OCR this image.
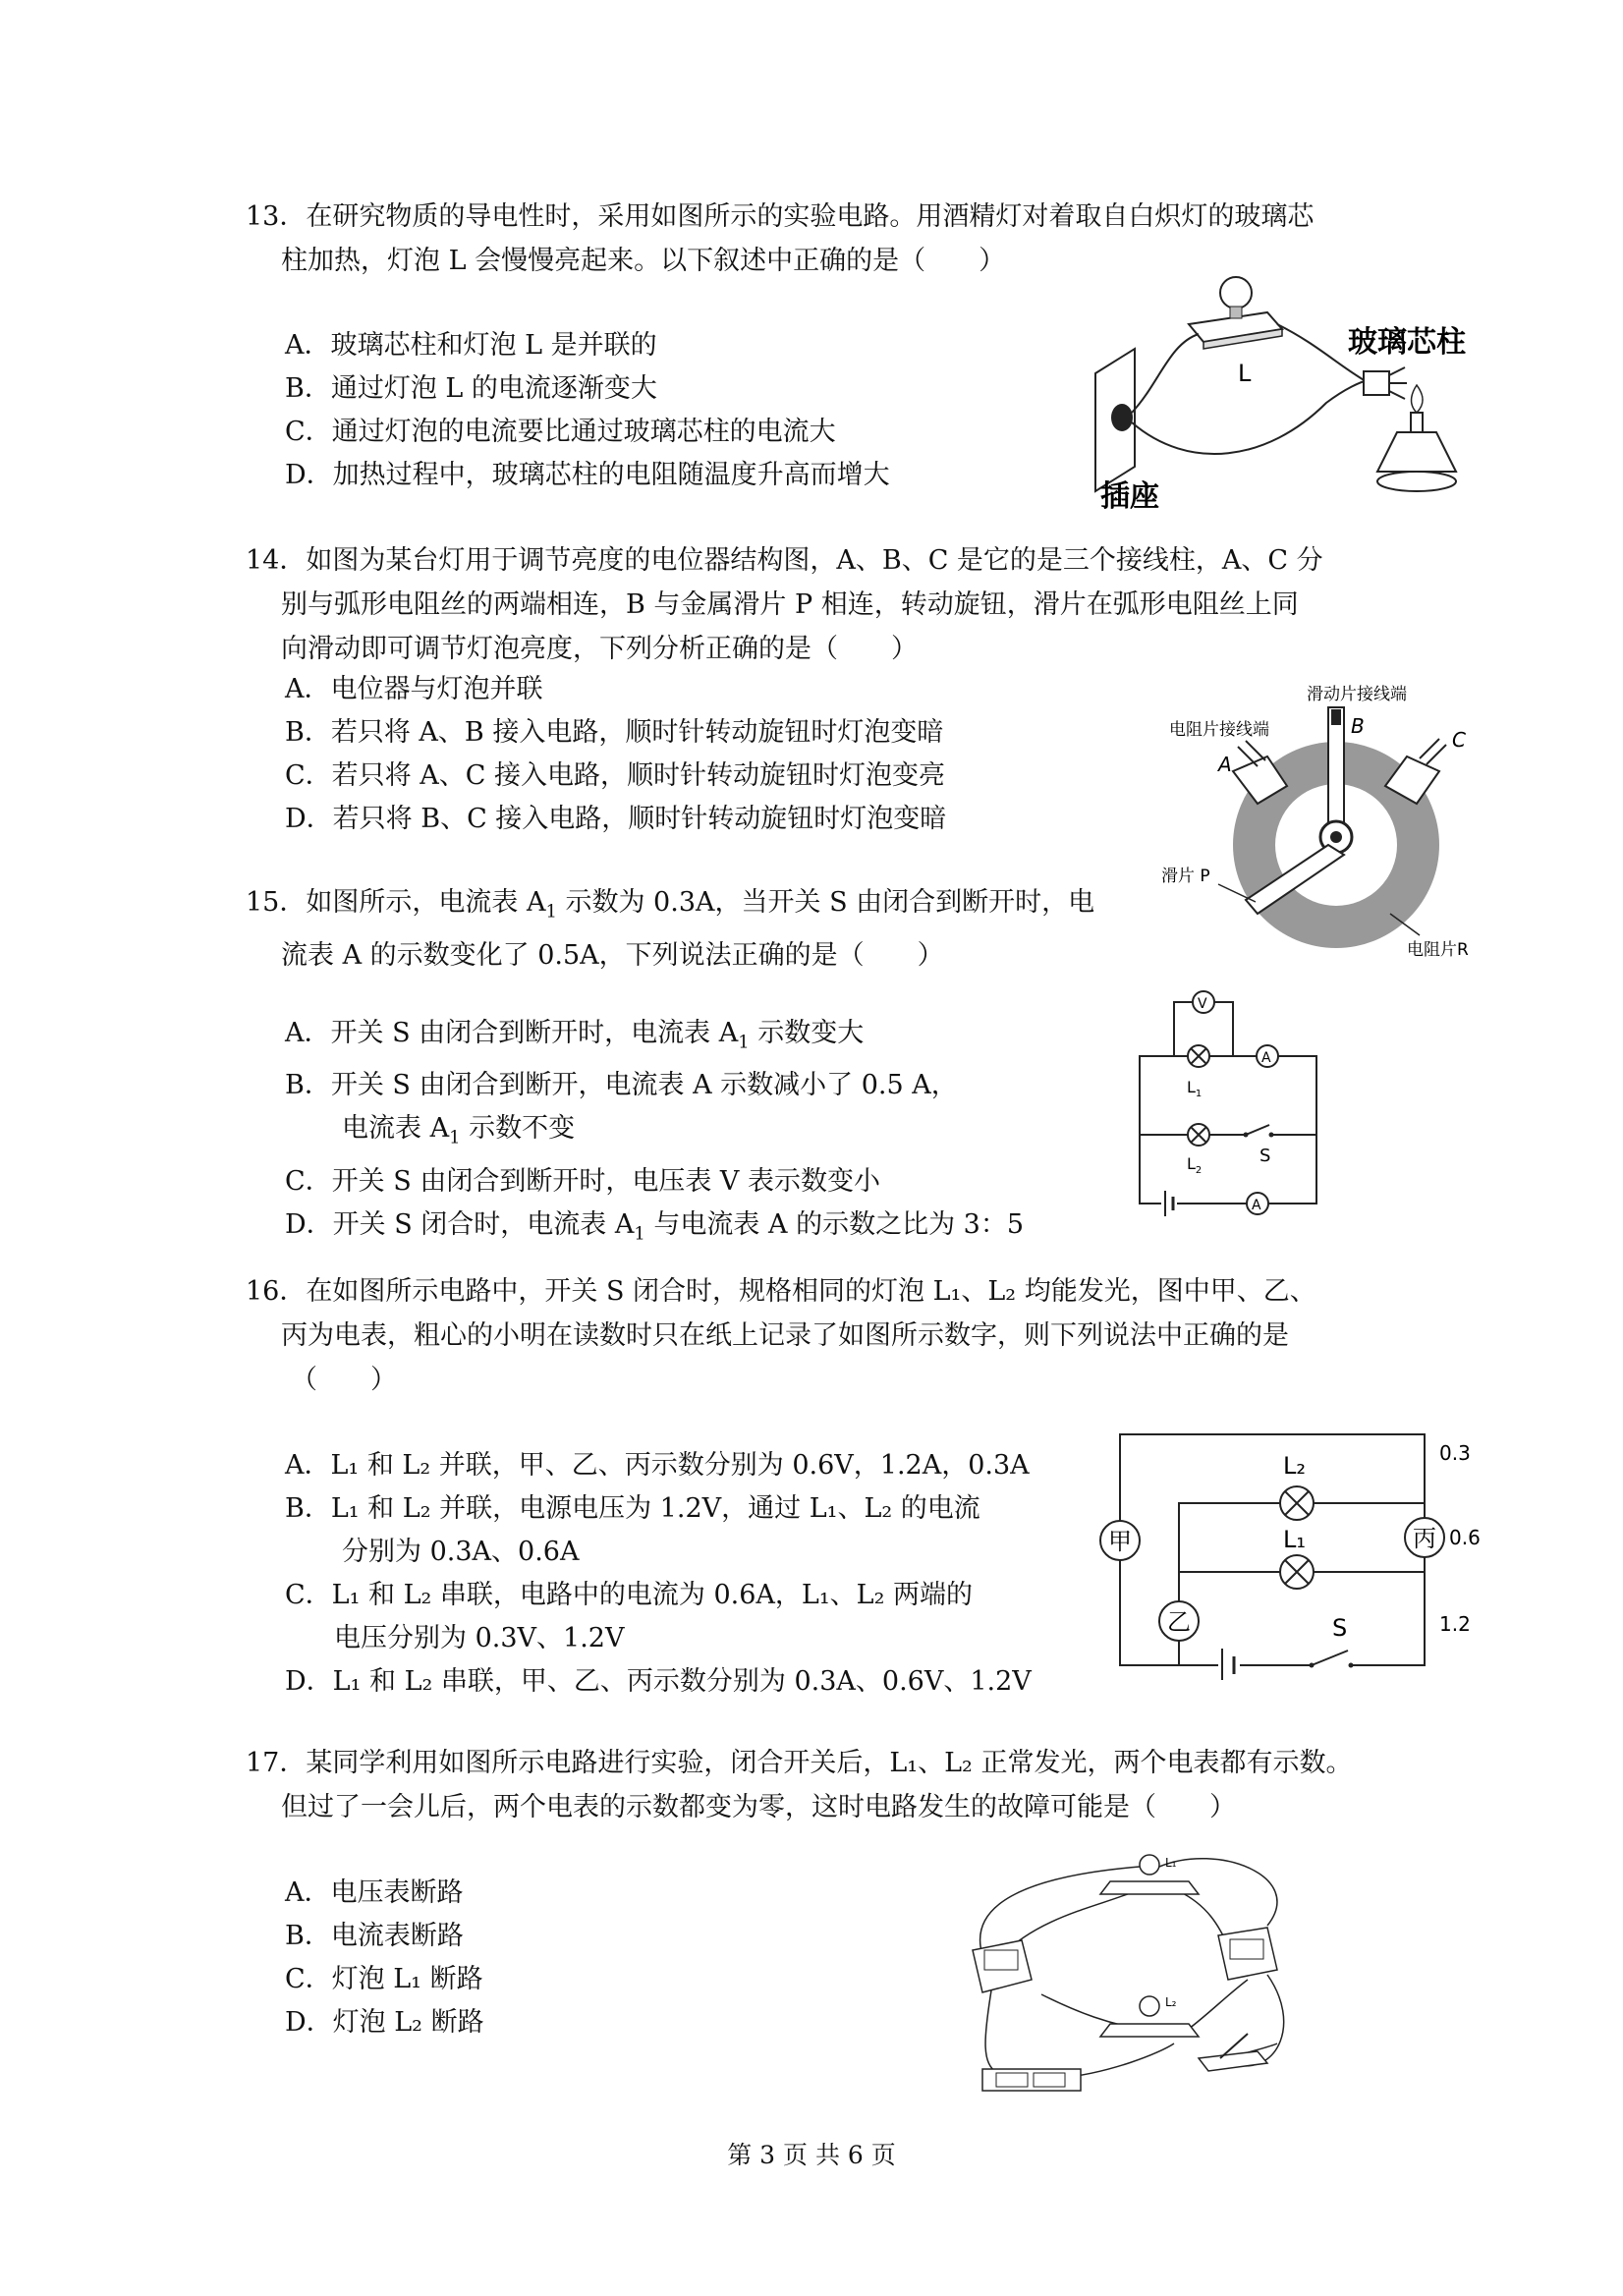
13．在研究物质的导电性时，采用如图所示的实验电路。用酒精灯对着取自白炽灯的玻璃芯
柱加热，灯泡 L 会慢慢亮起来。以下叙述中正确的是（　　）
A．玻璃芯柱和灯泡 L 是并联的
B．通过灯泡 L 的电流逐渐变大
C．通过灯泡的电流要比通过玻璃芯柱的电流大
D．加热过程中，玻璃芯柱的电阻随温度升高而增大
L
玻璃芯柱
插座
14．如图为某台灯用于调节亮度的电位器结构图，A、B、C 是它的是三个接线柱，A、C 分
别与弧形电阻丝的两端相连，B 与金属滑片 P 相连，转动旋钮，滑片在弧形电阻丝上同
向滑动即可调节灯泡亮度，下列分析正确的是（　　）
A．电位器与灯泡并联
B．若只将 A、B 接入电路，顺时针转动旋钮时灯泡变暗
C．若只将 A、C 接入电路，顺时针转动旋钮时灯泡变亮
D．若只将 B、C 接入电路，顺时针转动旋钮时灯泡变暗
滑动片接线端
电阻片接线端
A
B
C
滑片 P
电阻片R
15．如图所示，电流表 $A_1$ 示数为 0.3A，当开关 S 由闭合到断开时，电
流表 A 的示数变化了 0.5A，下列说法正确的是（　　）
A．开关 S 由闭合到断开时，电流表 $A_1$ 示数变大
B．开关 S 由闭合到断开，电流表 A 示数减小了 0.5 A，
电流表 $A_1$ 示数不变
C．开关 S 由闭合到断开时，电压表 V 表示数变小
D．开关 S 闭合时，电流表 $A_1$ 与电流表 A 的示数之比为 3：5
V
$L_1$
A
$L_2$
S
A
16．在如图所示电路中，开关 S 闭合时，规格相同的灯泡 L₁、L₂ 均能发光，图中甲、乙、
丙为电表，粗心的小明在读数时只在纸上记录了如图所示数字，则下列说法中正确的是
（　　）
A．L₁ 和 L₂ 并联，甲、乙、丙示数分别为 0.6V，1.2A，0.3A
B．L₁ 和 L₂ 并联，电源电压为 1.2V，通过 L₁、L₂ 的电流
分别为 0.3A、0.6A
C．L₁ 和 L₂ 串联，电路中的电流为 0.6A，L₁、L₂ 两端的
电压分别为 0.3V、1.2V
D．L₁ 和 L₂ 串联，甲、乙、丙示数分别为 0.3A、0.6V、1.2V
甲
乙
丙
L₂
L₁
S
0.3
0.6
1.2
17．某同学利用如图所示电路进行实验，闭合开关后，L₁、L₂ 正常发光，两个电表都有示数。
但过了一会儿后，两个电表的示数都变为零，这时电路发生的故障可能是（　　）
A．电压表断路
B．电流表断路
C．灯泡 L₁ 断路
D．灯泡 L₂ 断路
L₁
L₂
第 3 页 共 6 页
